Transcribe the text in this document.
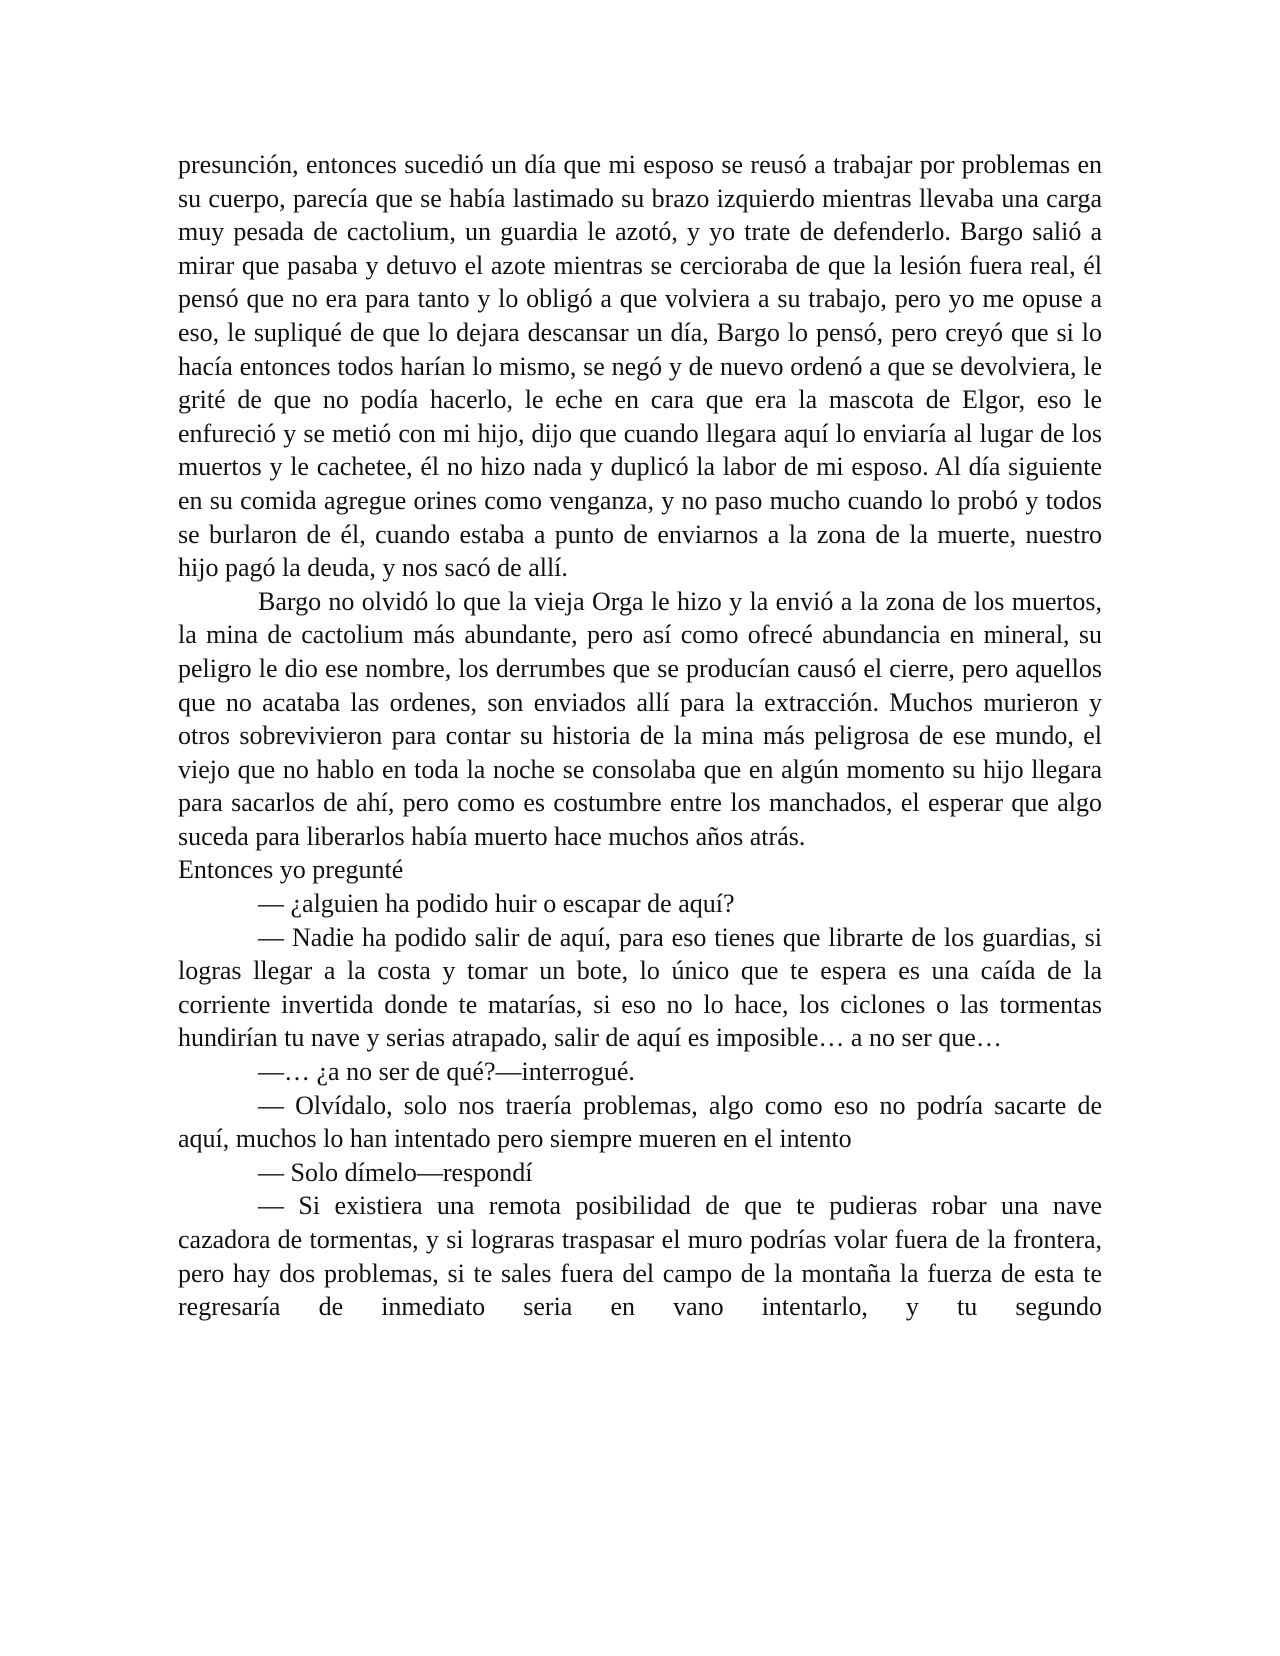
presunción, entonces sucedió un día que mi esposo se reusó a trabajar por problemas en su cuerpo, parecía que se había lastimado su brazo izquierdo mientras llevaba una carga muy pesada de cactolium, un guardia le azotó, y yo trate de defenderlo. Bargo salió a mirar que pasaba y detuvo el azote mientras se cercioraba de que la lesión fuera real, él pensó que no era para tanto y lo obligó a que volviera a su trabajo, pero yo me opuse a eso, le supliqué de que lo dejara descansar un día, Bargo lo pensó, pero creyó que si lo hacía entonces todos harían lo mismo, se negó y de nuevo ordenó a que se devolviera, le grité de que no podía hacerlo, le eche en cara que era la mascota de Elgor, eso le enfureció y se metió con mi hijo, dijo que cuando llegara aquí lo enviaría al lugar de los muertos y le cachetee, él no hizo nada y duplicó la labor de mi esposo. Al día siguiente en su comida agregue orines como venganza, y no paso mucho cuando lo probó y todos se burlaron de él, cuando estaba a punto de enviarnos a la zona de la muerte, nuestro hijo pagó la deuda, y nos sacó de allí.

Bargo no olvidó lo que la vieja Orga le hizo y la envió a la zona de los muertos, la mina de cactolium más abundante, pero así como ofrecé abundancia en mineral, su peligro le dio ese nombre, los derrumbes que se producían causó el cierre, pero aquellos que no acataba las ordenes, son enviados allí para la extracción. Muchos murieron y otros sobrevivieron para contar su historia de la mina más peligrosa de ese mundo, el viejo que no hablo en toda la noche se consolaba que en algún momento su hijo llegara para sacarlos de ahí, pero como es costumbre entre los manchados, el esperar que algo suceda para liberarlos había muerto hace muchos años atrás.

Entonces yo pregunté

— ¿alguien ha podido huir o escapar de aquí?

— Nadie ha podido salir de aquí, para eso tienes que librarte de los guardias, si logras llegar a la costa y tomar un bote, lo único que te espera es una caída de la corriente invertida donde te matarías, si eso no lo hace, los ciclones o las tormentas hundirían tu nave y serias atrapado, salir de aquí es imposible… a no ser que…

—… ¿a no ser de qué?—interrogué.

— Olvídalo, solo nos traería problemas, algo como eso no podría sacarte de aquí, muchos lo han intentado pero siempre mueren en el intento

— Solo dímelo—respondí

— Si existiera una remota posibilidad de que te pudieras robar una nave cazadora de tormentas, y si lograras traspasar el muro podrías volar fuera de la frontera, pero hay dos problemas, si te sales fuera del campo de la montaña la fuerza de esta te regresaría de inmediato seria en vano intentarlo, y tu segundo
